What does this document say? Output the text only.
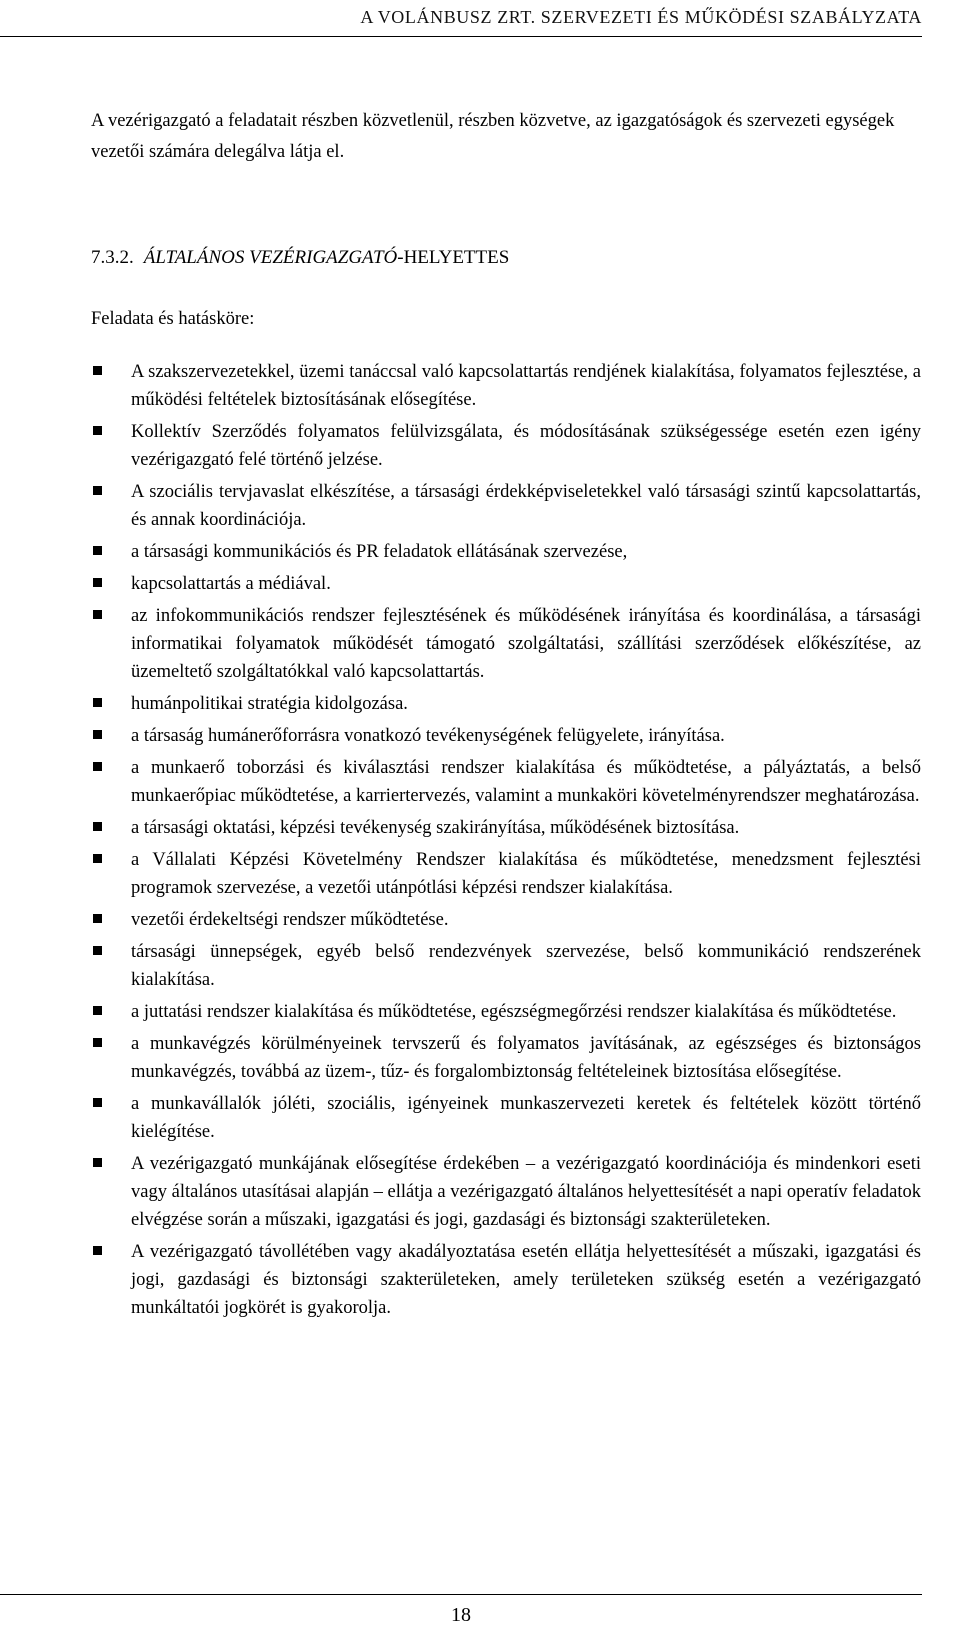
A VOLÁNBUSZ ZRT. SZERVEZETI ÉS MŰKÖDÉSI SZABÁLYZATA

A vezérigazgató a feladatait részben közvetlenül, részben közvetve, az igazgatóságok és szervezeti egységek vezetői számára delegálva látja el.

7.3.2. ÁLTALÁNOS VEZÉRIGAZGATÓ-HELYETTES

Feladata és hatásköre:

A szakszervezetekkel, üzemi tanáccsal való kapcsolattartás rendjének kialakítása, folyamatos fejlesztése, a működési feltételek biztosításának elősegítése.
Kollektív Szerződés folyamatos felülvizsgálata, és módosításának szükségessége esetén ezen igény vezérigazgató felé történő jelzése.
A szociális tervjavaslat elkészítése, a társasági érdekképviseletekkel való társasági szintű kapcsolattartás, és annak koordinációja.
a társasági kommunikációs és PR feladatok ellátásának szervezése,
kapcsolattartás a médiával.
az infokommunikációs rendszer fejlesztésének és működésének irányítása és koordinálása, a társasági informatikai folyamatok működését támogató szolgáltatási, szállítási szerződések előkészítése, az üzemeltető szolgáltatókkal való kapcsolattartás.
humánpolitikai stratégia kidolgozása.
a társaság humánerőforrásra vonatkozó tevékenységének felügyelete, irányítása.
a munkaerő toborzási és kiválasztási rendszer kialakítása és működtetése, a pályáztatás, a belső munkaerőpiac működtetése, a karriertervezés, valamint a munkaköri követelményrendszer meghatározása.
a társasági oktatási, képzési tevékenység szakirányítása, működésének biztosítása.
a Vállalati Képzési Követelmény Rendszer kialakítása és működtetése, menedzsment fejlesztési programok szervezése, a vezetői utánpótlási képzési rendszer kialakítása.
vezetői érdekeltségi rendszer működtetése.
társasági ünnepségek, egyéb belső rendezvények szervezése, belső kommunikáció rendszerének kialakítása.
a juttatási rendszer kialakítása és működtetése, egészségmegőrzési rendszer kialakítása és működtetése.
a munkavégzés körülményeinek tervszerű és folyamatos javításának, az egészséges és biztonságos munkavégzés, továbbá az üzem-, tűz- és forgalombiztonság feltételeinek biztosítása elősegítése.
a munkavállalók jóléti, szociális, igényeinek munkaszervezeti keretek és feltételek között történő kielégítése.
A vezérigazgató munkájának elősegítése érdekében – a vezérigazgató koordinációja és mindenkori eseti vagy általános utasításai alapján – ellátja a vezérigazgató általános helyettesítését a napi operatív feladatok elvégzése során a műszaki, igazgatási és jogi, gazdasági és biztonsági szakterületeken.
A vezérigazgató távollétében vagy akadályoztatása esetén ellátja helyettesítését a műszaki, igazgatási és jogi, gazdasági és biztonsági szakterületeken, amely területeken szükség esetén a vezérigazgató munkáltatói jogkörét is gyakorolja.
18
